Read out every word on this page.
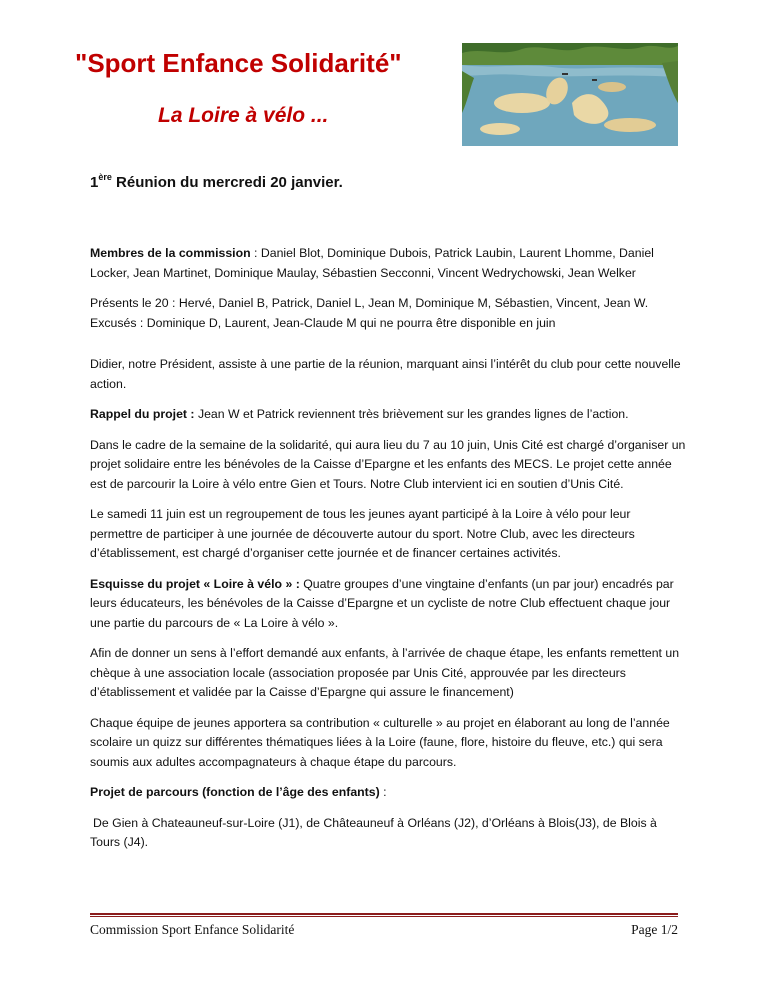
"Sport Enfance Solidarité"
La Loire à vélo ...
1ère Réunion du mercredi 20 janvier.

Membres de la commission : Daniel Blot, Dominique Dubois, Patrick Laubin, Laurent Lhomme, Daniel Locker, Jean Martinet, Dominique Maulay, Sébastien Secconni, Vincent Wedrychowski, Jean Welker

Présents le 20 : Hervé, Daniel B, Patrick, Daniel L, Jean M, Dominique M, Sébastien, Vincent, Jean W.
Excusés : Dominique D, Laurent, Jean-Claude M qui ne pourra être disponible en juin

Didier, notre Président, assiste à une partie de la réunion, marquant ainsi l’intérêt du club pour cette nouvelle action.

Rappel du projet : Jean W et Patrick reviennent très brièvement sur les grandes lignes de l’action.

Dans le cadre de la semaine de la solidarité, qui aura lieu du 7 au 10 juin, Unis Cité est chargé d’organiser un projet solidaire entre les bénévoles de la Caisse d’Epargne et les enfants des MECS. Le projet cette année est de parcourir la Loire à vélo entre Gien et Tours. Notre Club intervient ici en soutien d’Unis Cité.

Le samedi 11 juin est un regroupement de tous les jeunes ayant participé à la Loire à vélo pour leur permettre de participer à une journée de découverte autour du sport. Notre Club, avec les directeurs d’établissement, est chargé d’organiser cette journée et de financer certaines activités.

Esquisse du projet « Loire à vélo » : Quatre groupes d’une vingtaine d’enfants (un par jour) encadrés par leurs éducateurs, les bénévoles de la Caisse d’Epargne et un cycliste de notre Club effectuent chaque jour une partie du parcours de « La Loire à vélo ».

Afin de donner un sens à l’effort demandé aux enfants, à l’arrivée de chaque étape, les enfants remettent un chèque à une association locale (association proposée par Unis Cité, approuvée par les directeurs d’établissement et validée par la Caisse d’Epargne qui assure le financement)

Chaque équipe de jeunes apportera sa contribution « culturelle » au projet en élaborant au long de l’année scolaire un quizz sur différentes thématiques liées à la Loire (faune, flore, histoire du fleuve, etc.) qui sera soumis aux adultes accompagnateurs à chaque étape du parcours.

Projet de parcours (fonction de l’âge des enfants) :

De Gien à Chateauneuf-sur-Loire (J1), de Châteauneuf à Orléans (J2), d’Orléans à Blois(J3), de Blois à Tours (J4).

Commission Sport Enfance Solidarité	Page 1/2
